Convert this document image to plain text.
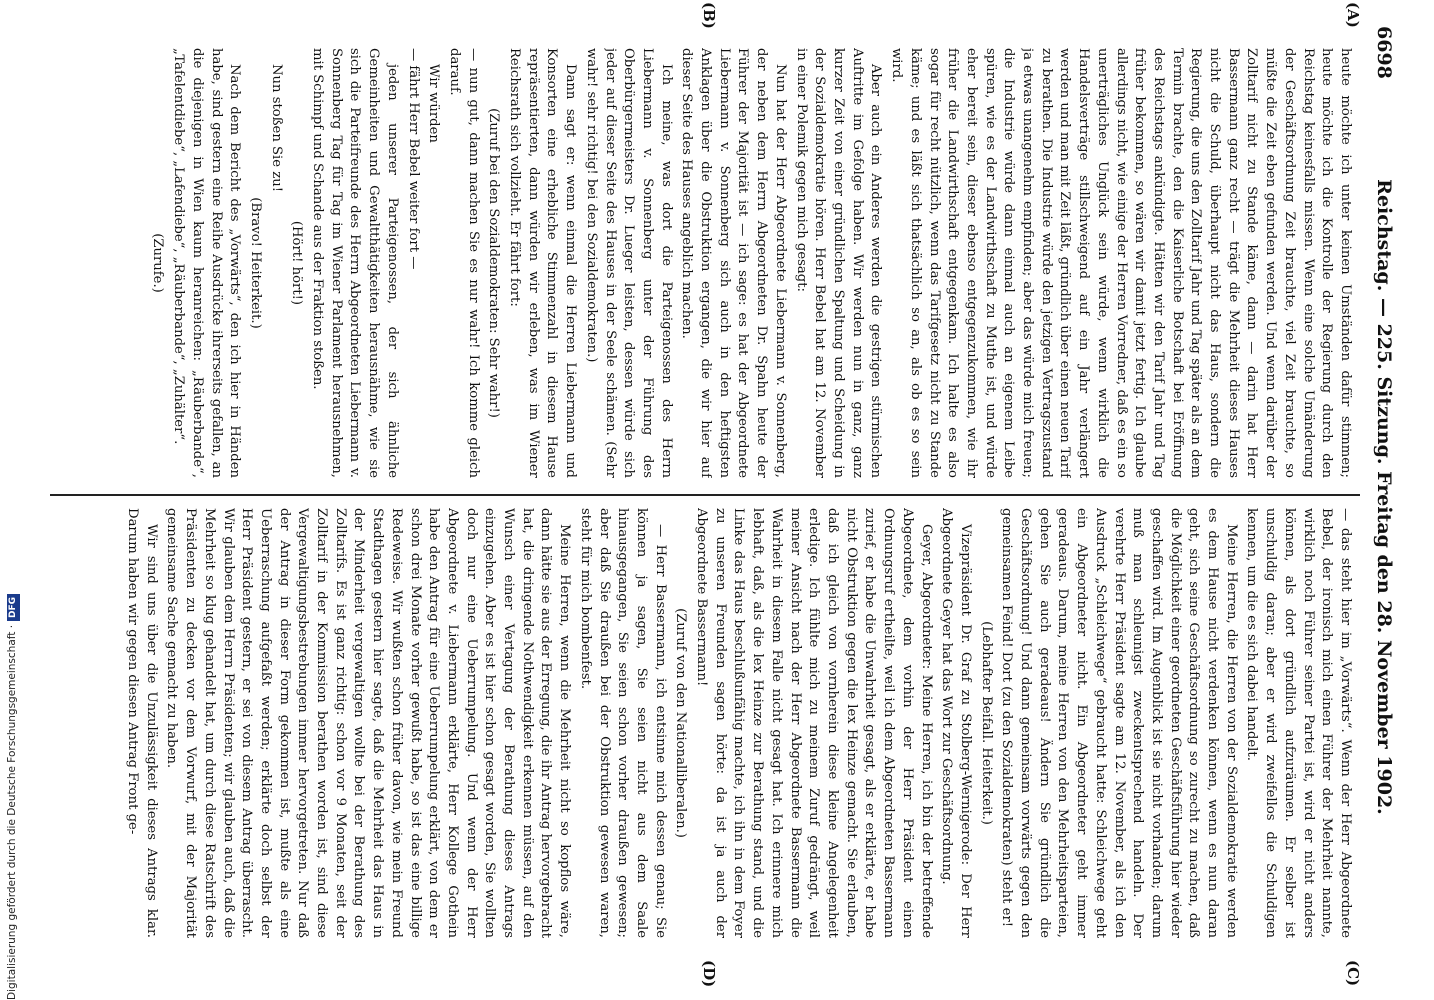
6698
Reichstag. — 225. Sitzung. Freitag den 28. November 1902.
(A)
(B)
(C)
(D)

heute möchte ich unter keinen Umständen dafür stimmen; heute möchte ich die Kontrolle der Regierung durch den Reichstag keinesfalls missen. Wenn eine solche Umänderung der Geschäftsordnung Zeit brauchte, viel Zeit brauchte, so müßte die Zeit eben gefunden werden. Und wenn darüber der Zolltarif nicht zu Stande käme, dann — darin hat Herr Bassermann ganz recht — trägt die Mehrheit dieses Hauses nicht die Schuld, überhaupt nicht das Haus, sondern die Regierung, die uns den Zolltarif Jahr und Tag später als an dem Termin brachte, den die Kaiserliche Botschaft bei Eröffnung des Reichstags ankündigte. Hätten wir den Tarif Jahr und Tag früher bekommen, so wären wir damit jetzt fertig. Ich glaube allerdings nicht, wie einige der Herren Vorredner, daß es ein so unerträgliches Unglück sein würde, wenn wirklich die Handelsverträge stillschweigend auf ein Jahr verlängert werden und man mit Zeit läßt, gründlich über einen neuen Tarif zu berathen. Die Industrie würde den jetzigen Vertragszustand ja etwas unangenehm empfinden; aber das würde mich freuen; die Industrie würde dann einmal auch an eigenem Leibe spüren, wie es der Landwirthschaft zu Muthe ist, und würde eher bereit sein, dieser ebenso entgegenzukommen, wie ihr früher die Landwirthschaft entgegenkam. Ich halte es also sogar für recht nützlich, wenn das Tarifgesetz nicht zu Stande käme; und es läßt sich thatsächlich so an, als ob es so sein wird.

Aber auch ein Anderes werden die gestrigen stürmischen Auftritte im Gefolge haben. Wir werden nun in ganz, ganz kurzer Zeit von einer gründlichen Spaltung und Scheidung in der Sozialdemokratie hören. Herr Bebel hat am 12. November in einer Polemik gegen mich gesagt:

Nun hat der Herr Abgeordnete Liebermann v. Sonnenberg, der neben dem Herrn Abgeordneten Dr. Spahn heute der Führer der Majorität ist — ich sage: es hat der Abgeordnete Liebermann v. Sonnenberg sich auch in den heftigsten Anklagen über die Obstruktion ergangen, die wir hier auf dieser Seite des Hauses angeblich machen.

Ich meine, was dort die Parteigenossen des Herrn Liebermann v. Sonnenberg unter der Führung des Oberbürgermeisters Dr. Lueger leisten, dessen würde sich jeder auf dieser Seite des Hauses in der Seele schämen. (Sehr wahr! sehr richtig! bei den Sozialdemokraten.)

Dann sagt er: wenn einmal die Herren Liebermann und Konsorten eine erhebliche Stimmenzahl in diesem Hause repräsentierten, dann würden wir erleben, was im Wiener Reichsrath sich vollzieht. Er fährt fort:

(Zuruf bei den Sozialdemokraten: Sehr wahr!)

— nun gut, dann machen Sie es nur wahr! Ich komme gleich darauf.

Wir würden

— fährt Herr Bebel weiter fort —

jeden unserer Parteigenossen, der sich ähnliche Gemeinheiten und Gewaltthätigkeiten herausnähme, wie sie sich die Parteifreunde des Herrn Abgeordneten Liebermann v. Sonnenberg Tag für Tag im Wiener Parlament herausnehmen, mit Schimpf und Schande aus der Fraktion stoßen.

(Hört! hört!)

Nun stoßen Sie zu!

(Bravo! Heiterkeit.)

Nach dem Bericht des „Vorwärts“, den ich hier in Händen habe, sind gestern eine Reihe Ausdrücke ihrerseits gefallen, an die diejenigen in Wien kaum heranreichen: „Räuberbande“, „Tafelentdiebe“, „Lafendiebe“, „Räuberbande“, „Zuhälter“.

(Zurufe.)

— das steht hier im „Vorwärts“. Wenn der Herr Abgeordnete Bebel, der ironisch mich einen Führer der Mehrheit nannte, wirklich noch Führer seiner Partei ist, wird er nicht anders können, als dort gründlich aufzuräumen. Er selber ist unschuldig daran; aber er wird zweifellos die Schuldigen kennen, um die es sich dabei handelt.

Meine Herren, die Herren von der Sozialdemokratie werden es dem Hause nicht verdenken können, wenn es nun daran geht, sich seine Geschäftsordnung so zurecht zu machen, daß die Möglichkeit einer geordneten Geschäftsführung hier wieder geschaffen wird. Im Augenblick ist sie nicht vorhanden; darum muß man schleunigst zweckentsprechend handeln. Der verehrte Herr Präsident sagte am 12. November, als ich den Ausdruck „Schleichwege“ gebraucht hatte: Schleichwege geht ein Abgeordneter nicht. Ein Abgeordneter geht immer geradeaus. Darum, meine Herren von den Mehrheitsparteien, gehen Sie auch geradeaus! Ändern Sie gründlich die Geschäftsordnung! Und dann gemeinsam vorwärts gegen den gemeinsamen Feind! Dort (zu den Sozialdemokraten) steht er!

(Lebhafter Beifall. Heiterkeit.)

Vizepräsident Dr. Graf zu Stolberg-Wernigerode: Der Herr Abgeordnete Geyer hat das Wort zur Geschäftsordnung.

Geyer, Abgeordneter: Meine Herren, ich bin der betreffende Abgeordnete, dem vorhin der Herr Präsident einen Ordnungsruf ertheilte, weil ich dem Abgeordneten Bassermann zurief, er habe die Unwahrheit gesagt, als er erklärte, er habe nicht Obstruktion gegen die lex Heinze gemacht. Sie erlauben, daß ich gleich von vornherein diese kleine Angelegenheit erledige. Ich fühlte mich zu meinem Zuruf gedrängt, weil meiner Ansicht nach der Herr Abgeordnete Bassermann die Wahrheit in diesem Falle nicht gesagt hat. Ich erinnere mich lebhaft, daß, als die lex Heinze zur Berathung stand, und die Linke das Haus beschlußunfähig machte, ich ihn in dem Foyer zu unseren Freunden sagen hörte: da ist ja auch der Abgeordnete Bassermann!

(Zuruf von den Nationalliberalen.)

— Herr Bassermann, ich entsinne mich dessen genau; Sie können ja sagen, Sie seien nicht aus dem Saale hinausgegangen, Sie seien schon vorher draußen gewesen; aber daß Sie draußen bei der Obstruktion gewesen waren, steht für mich bombenfest.

Meine Herren, wenn die Mehrheit nicht so kopflos wäre, dann hätte sie aus der Erregung, die ihr Antrag hervorgebracht hat, die dringende Nothwendigkeit erkennen müssen, auf den Wunsch einer Vertagung der Berathung dieses Antrags einzugehen. Aber es ist hier schon gesagt worden, Sie wollten doch nur eine Ueberrumpelung. Und wenn der Herr Abgeordnete v. Liebermann erklärte, Herr Kollege Gothein habe den Antrag für eine Ueberrumpelung erklärt, von dem er schon drei Monate vorher gewußt habe, so ist das eine billige Redeweise. Wir wußten schon früher davon, wie mein Freund Stadthagen gestern hier sagte, daß die Mehrheit das Haus in der Minderheit vergewaltigen wollte bei der Berathung des Zolltarifs. Es ist ganz richtig: schon vor 9 Monaten, seit der Zolltarif in der Kommission berathen worden ist, sind diese Vergewaltigungsbestrebungen immer hervorgetreten. Nur daß der Antrag in dieser Form gekommen ist, mußte als eine Ueberraschung aufgefaßt werden; erklärte doch selbst der Herr Präsident gestern, er sei von diesem Antrag überrascht. Wir glauben dem Herrn Präsidenten; wir glauben auch, daß die Mehrheit so klug gehandelt hat, um durch diese Ratschrift des Präsidenten zu decken vor dem Vorwurf, mit der Majorität gemeinsame Sache gemacht zu haben.

Wir sind uns über die Unzulässigkeit dieses Antrags klar. Darum haben wir gegen diesen Antrag Front ge-

Digitalisierung gefördert durch die Deutsche Forschungsgemeinschaft ·DFG
